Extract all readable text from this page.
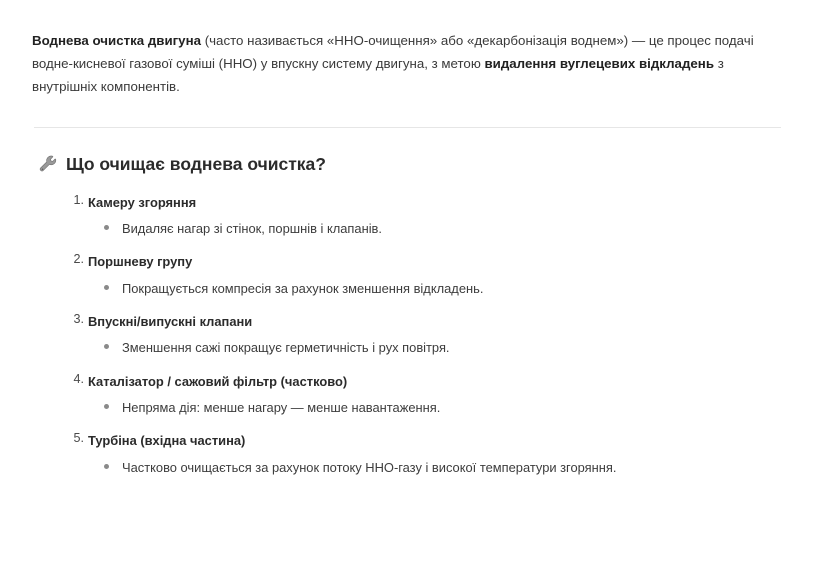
Воднева очистка двигуна (часто називається «HHO-очищення» або «декарбонізація воднем») — це процес подачі водне-кисневої газової суміші (HHO) у впускну систему двигуна, з метою видалення вуглецевих відкладень з внутрішніх компонентів.

Що очищає воднева очистка?
Камеру згоряння
Видаляє нагар зі стінок, поршнів і клапанів.
Поршневу групу
Покращується компресія за рахунок зменшення відкладень.
Впускні/випускні клапани
Зменшення сажі покращує герметичність і рух повітря.
Каталізатор / сажовий фільтр (частково)
Непряма дія: менше нагару — менше навантаження.
Турбіна (вхідна частина)
Частково очищається за рахунок потоку HHO-газу і високої температури згоряння.
